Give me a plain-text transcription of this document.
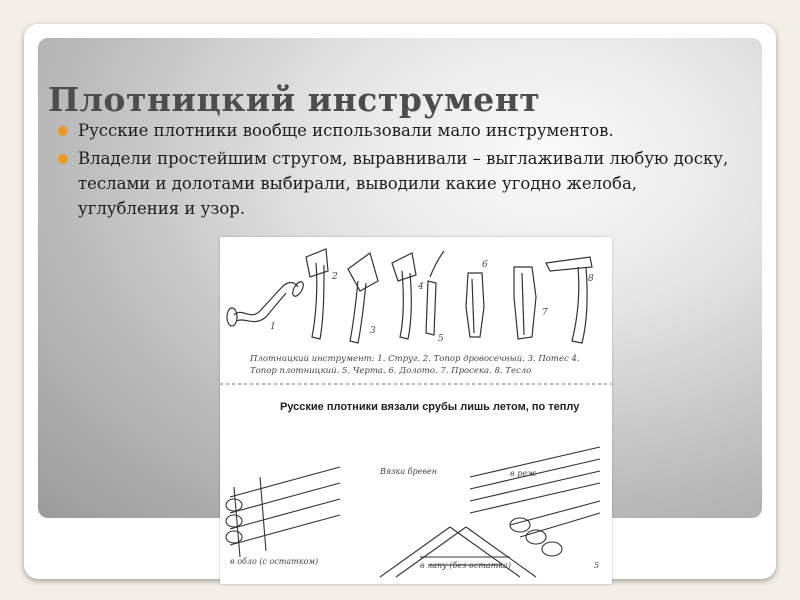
Плотницкий инструмент
Русские плотники вообще использовали мало инструментов.
Владели простейшим стругом, выравнивали – выглаживали любую доску, теслами и долотами выбирали, выводили какие угодно желоба, углубления и узор.
1
2
3
4
5
6
7
8
Плотницкий инструмент: 1. Струг. 2. Топор дровосечный. 3. Потес 4. Топор плотницкий. 5. Черта. 6. Долото. 7. Просека. 8. Тесло
Русские плотники вязали срубы лишь летом, по теплу
Вязка бревен	в реж
в обло (с остатком)	в лапу (без остатка)	5
